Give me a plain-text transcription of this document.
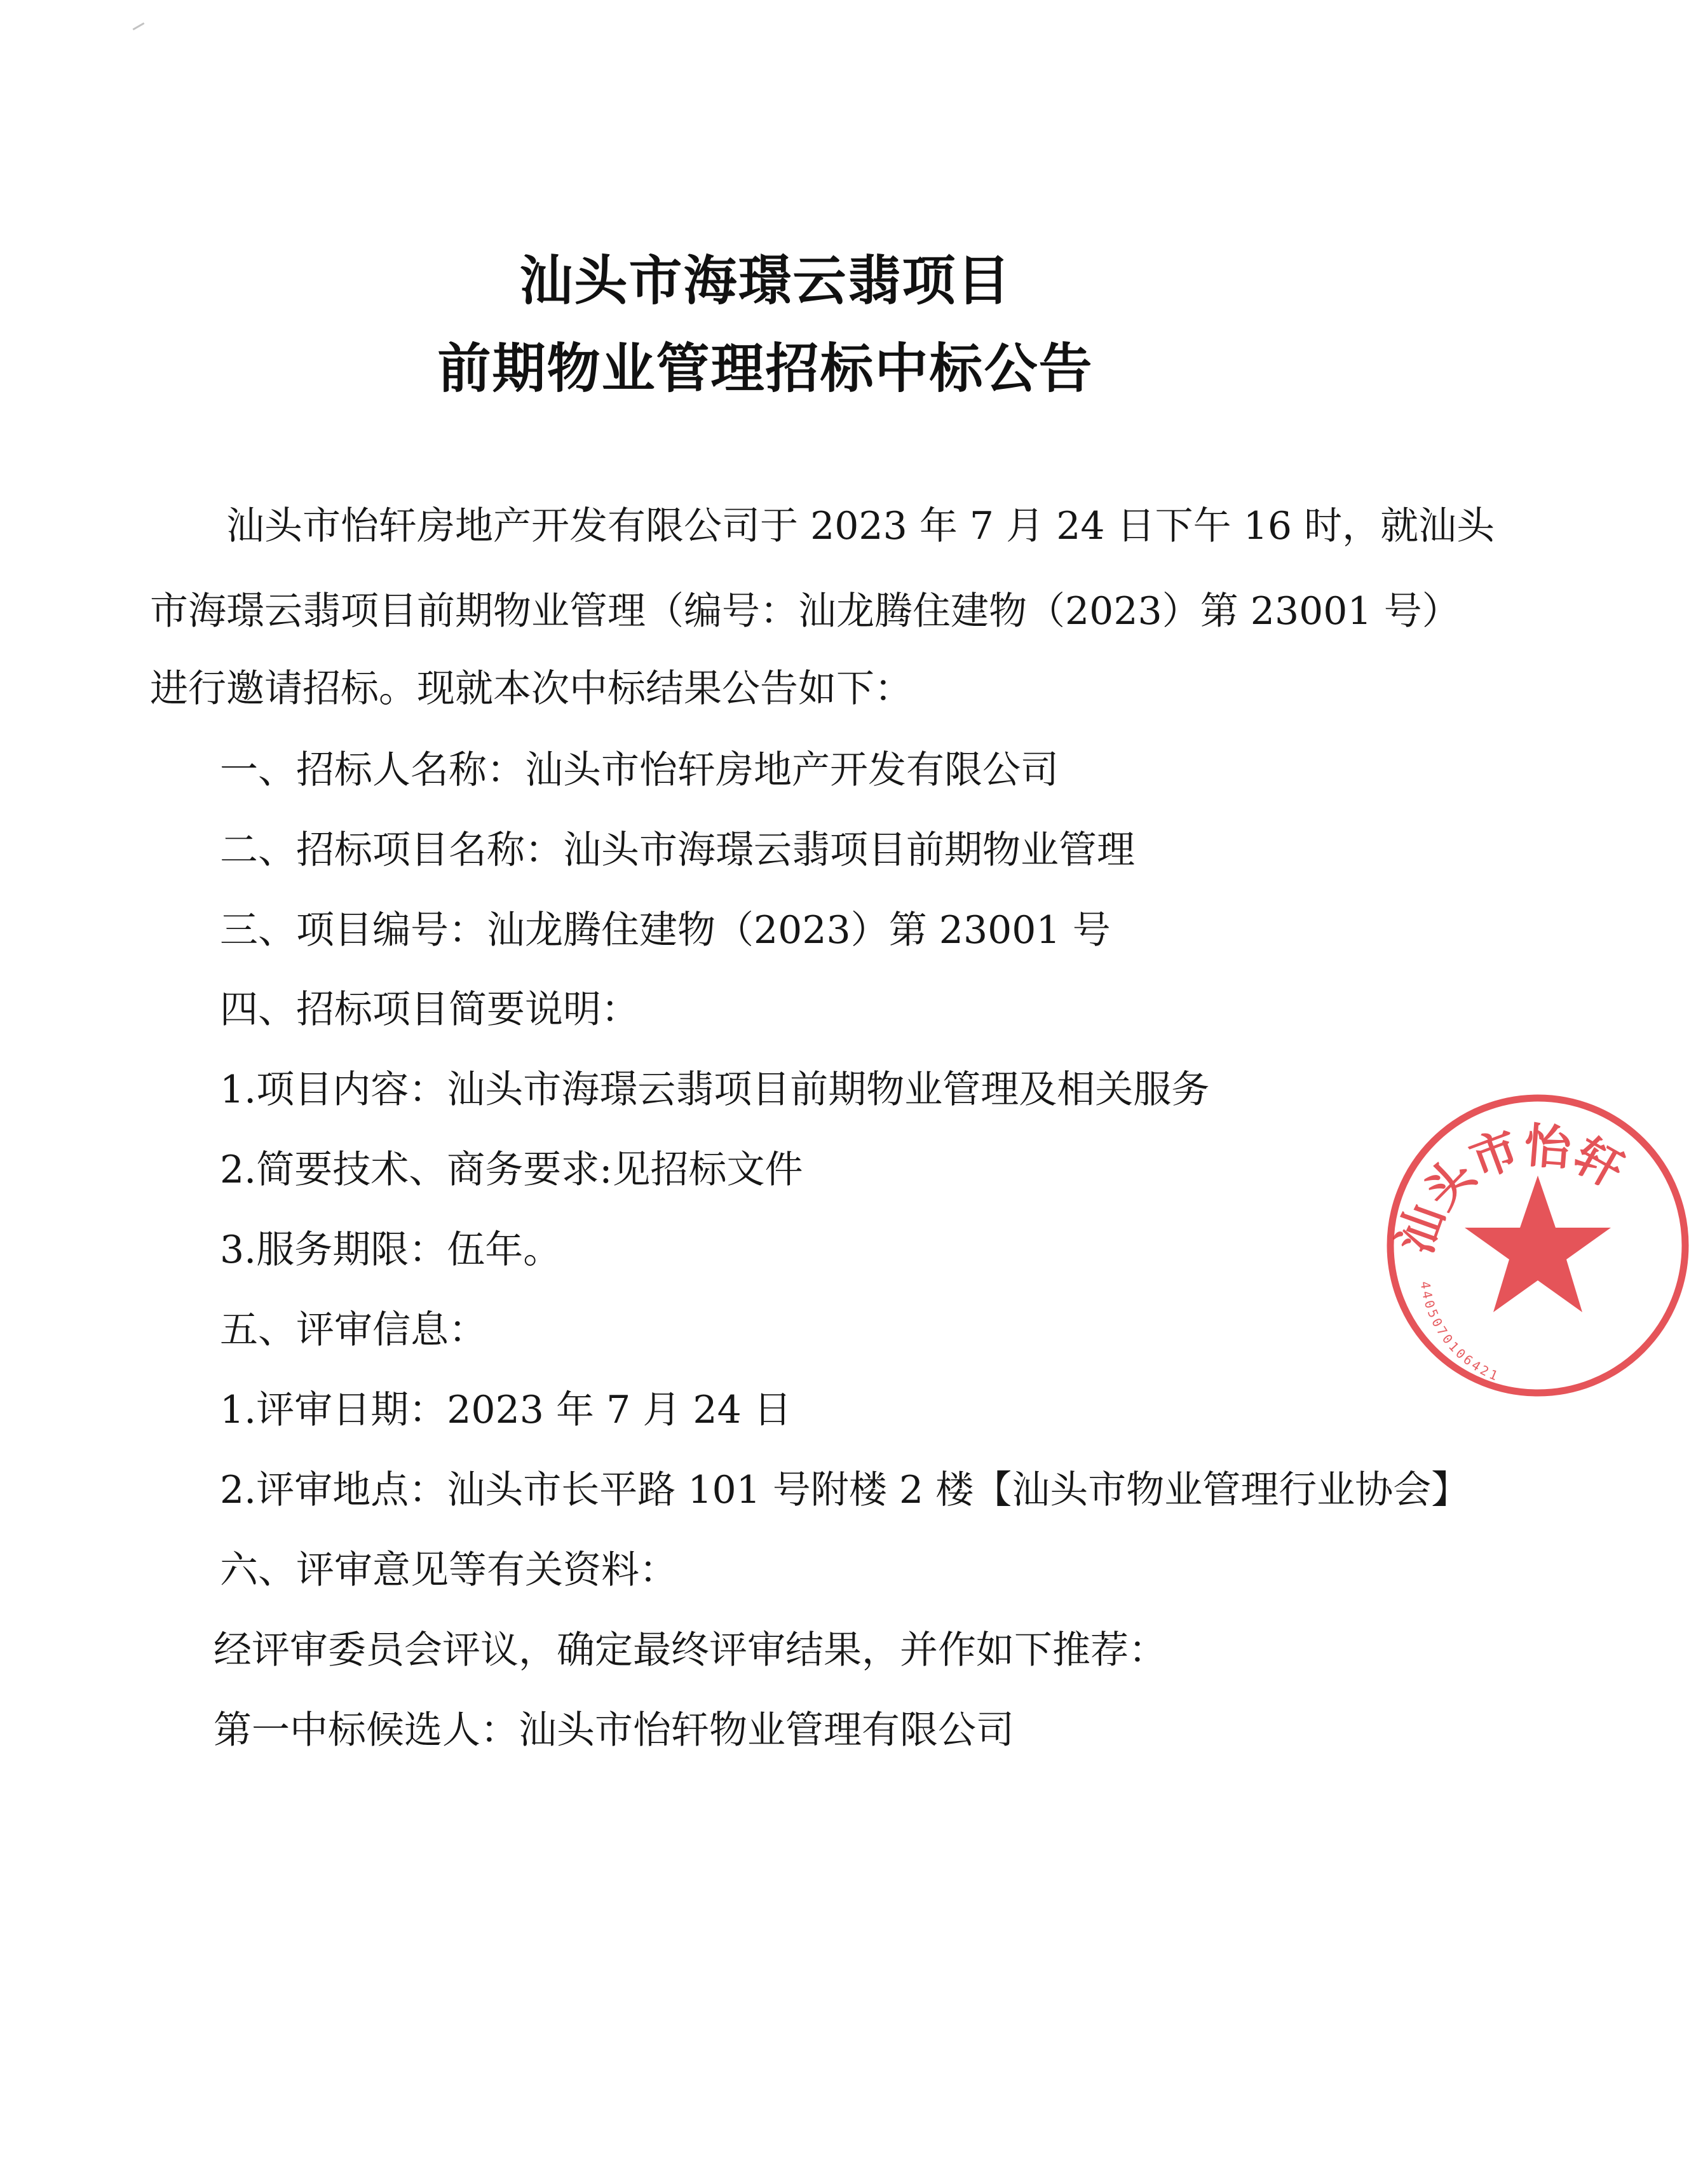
汕头市海璟云翡项目
前期物业管理招标中标公告
汕头市怡轩房地产开发有限公司于 2023 年 7 月 24 日下午 16 时，就汕头
市海璟云翡项目前期物业管理（编号：汕龙腾住建物（2023）第 23001 号）
进行邀请招标。现就本次中标结果公告如下：
一、招标人名称：汕头市怡轩房地产开发有限公司
二、招标项目名称：汕头市海璟云翡项目前期物业管理
三、项目编号：汕龙腾住建物（2023）第 23001 号
四、招标项目简要说明：
1.项目内容：汕头市海璟云翡项目前期物业管理及相关服务
2.简要技术、商务要求:见招标文件
3.服务期限：伍年。
五、评审信息：
1.评审日期：2023 年 7 月 24 日
2.评审地点：汕头市长平路 101 号附楼 2 楼【汕头市物业管理行业协会】
六、评审意见等有关资料：
经评审委员会评议，确定最终评审结果，并作如下推荐：
第一中标候选人：汕头市怡轩物业管理有限公司
汕头市怡轩
4405070106421
